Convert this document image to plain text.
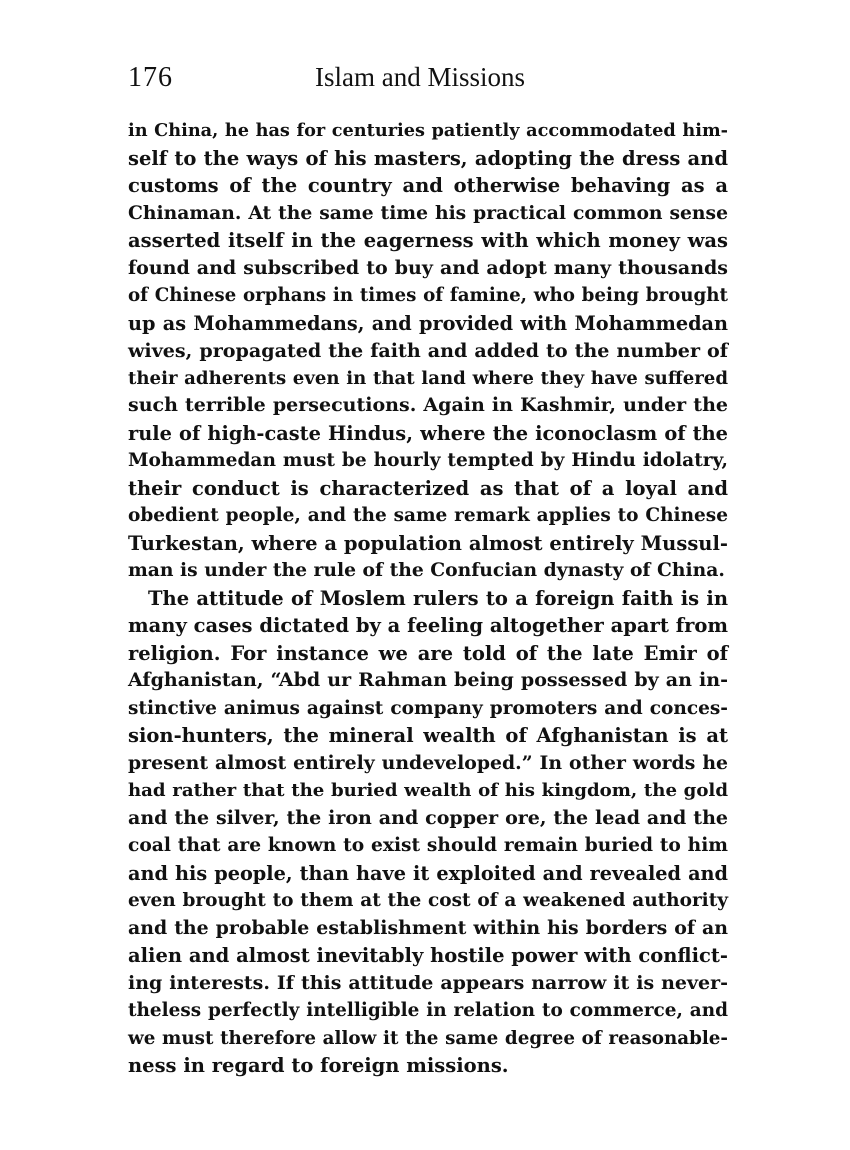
176	Islam and Missions
in China, he has for centuries patiently accommodated him-
self to the ways of his masters, adopting the dress and
customs of the country and otherwise behaving as a
Chinaman. At the same time his practical common sense
asserted itself in the eagerness with which money was
found and subscribed to buy and adopt many thousands
of Chinese orphans in times of famine, who being brought
up as Mohammedans, and provided with Mohammedan
wives, propagated the faith and added to the number of
their adherents even in that land where they have suffered
such terrible persecutions. Again in Kashmir, under the
rule of high-caste Hindus, where the iconoclasm of the
Mohammedan must be hourly tempted by Hindu idolatry,
their conduct is characterized as that of a loyal and
obedient people, and the same remark applies to Chinese
Turkestan, where a population almost entirely Mussul-
man is under the rule of the Confucian dynasty of China.
The attitude of Moslem rulers to a foreign faith is in
many cases dictated by a feeling altogether apart from
religion. For instance we are told of the late Emir of
Afghanistan, “Abd ur Rahman being possessed by an in-
stinctive animus against company promoters and conces-
sion-hunters, the mineral wealth of Afghanistan is at
present almost entirely undeveloped.” In other words he
had rather that the buried wealth of his kingdom, the gold
and the silver, the iron and copper ore, the lead and the
coal that are known to exist should remain buried to him
and his people, than have it exploited and revealed and
even brought to them at the cost of a weakened authority
and the probable establishment within his borders of an
alien and almost inevitably hostile power with conflict-
ing interests. If this attitude appears narrow it is never-
theless perfectly intelligible in relation to commerce, and
we must therefore allow it the same degree of reasonable-
ness in regard to foreign missions.
